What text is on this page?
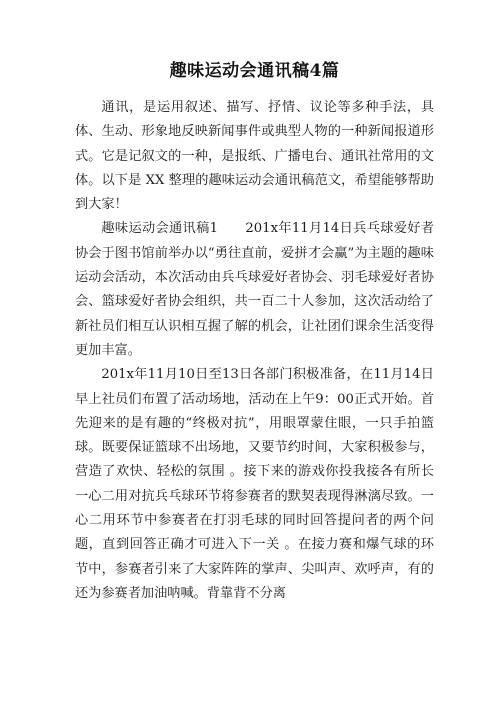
趣味运动会通讯稿4篇

通讯，是运用叙述、描写、抒情、议论等多种手法，具体、生动、形象地反映新闻事件或典型人物的一种新闻报道形式。它是记叙文的一种，是报纸、广播电台、通讯社常用的文体。以下是 XX 整理的趣味运动会通讯稿范文，希望能够帮助到大家！

趣味运动会通讯稿1　　201x年11月14日兵乓球爱好者协会于图书馆前举办以“勇往直前，爱拼才会赢”为主题的趣味运动会活动，本次活动由兵乓球爱好者协会、羽毛球爱好者协会、篮球爱好者协会组织，共一百二十人参加，这次活动给了新社员们相互认识相互握了解的机会，让社团们课余生活变得更加丰富。

201x年11月10日至13日各部门积极准备，在11月14日早上社员们布置了活动场地，活动在上午9：00正式开始。首先迎来的是有趣的“终极对抗”，用眼罩蒙住眼，一只手拍篮球。既要保证篮球不出场地，又要节约时间，大家积极参与，营造了欢快、轻松的氛围 。接下来的游戏你投我接各有所长一心二用对抗兵乓球环节将参赛者的默契表现得淋漓尽致。一心二用环节中参赛者在打羽毛球的同时回答提问者的两个问题，直到回答正确才可进入下一关 。在接力赛和爆气球的环节中，参赛者引来了大家阵阵的掌声、尖叫声、欢呼声，有的还为参赛者加油呐喊。背靠背不分离
